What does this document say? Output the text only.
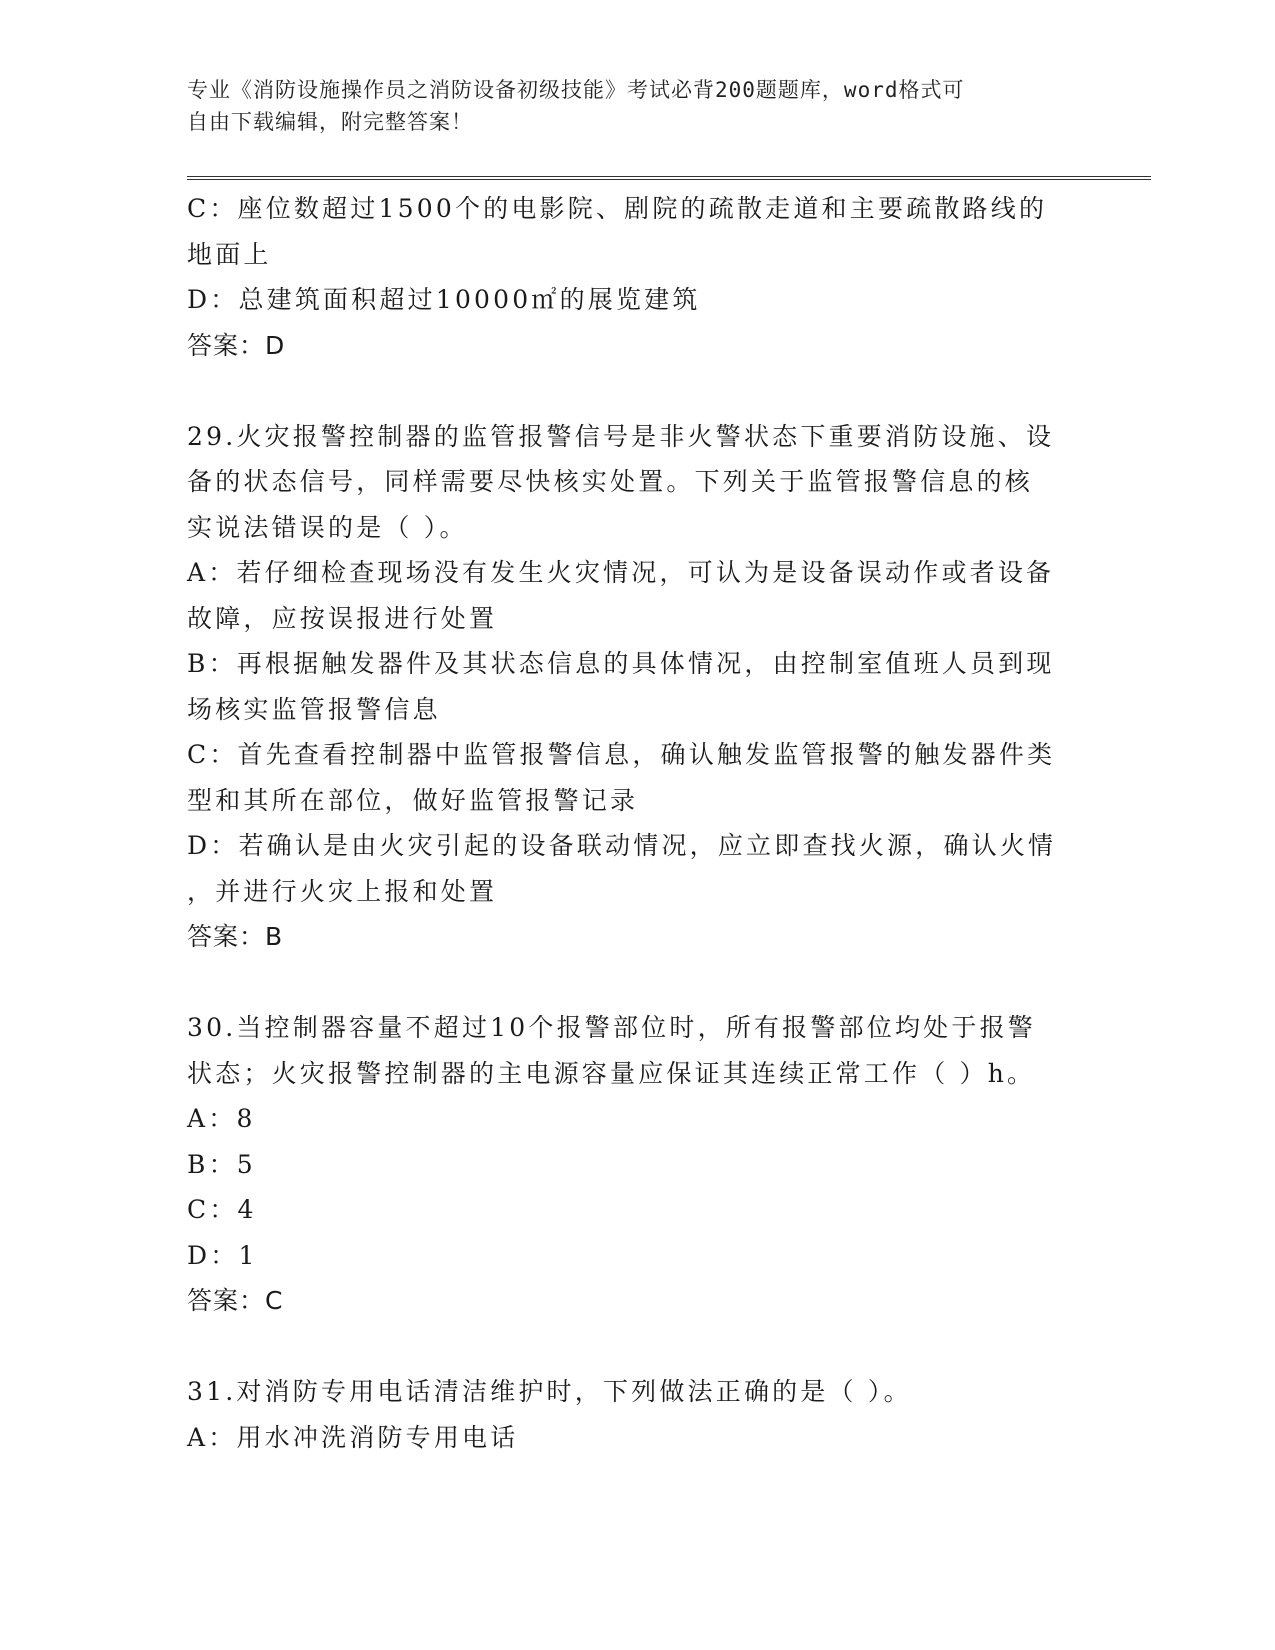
专业《消防设施操作员之消防设备初级技能》考试必背200题题库，word格式可
自由下载编辑，附完整答案！
C：座位数超过1500个的电影院、剧院的疏散走道和主要疏散路线的
地面上
D：总建筑面积超过10000㎡的展览建筑
答案：D
29.火灾报警控制器的监管报警信号是非火警状态下重要消防设施、设
备的状态信号，同样需要尽快核实处置。下列关于监管报警信息的核
实说法错误的是（ ）。
A：若仔细检查现场没有发生火灾情况，可认为是设备误动作或者设备
故障，应按误报进行处置
B：再根据触发器件及其状态信息的具体情况，由控制室值班人员到现
场核实监管报警信息
C：首先查看控制器中监管报警信息，确认触发监管报警的触发器件类
型和其所在部位，做好监管报警记录
D：若确认是由火灾引起的设备联动情况，应立即查找火源，确认火情
，并进行火灾上报和处置
答案：B
30.当控制器容量不超过10个报警部位时，所有报警部位均处于报警
状态；火灾报警控制器的主电源容量应保证其连续正常工作（ ）h。
A：8
B：5
C：4
D：1
答案：C
31.对消防专用电话清洁维护时，下列做法正确的是（ ）。
A：用水冲洗消防专用电话
